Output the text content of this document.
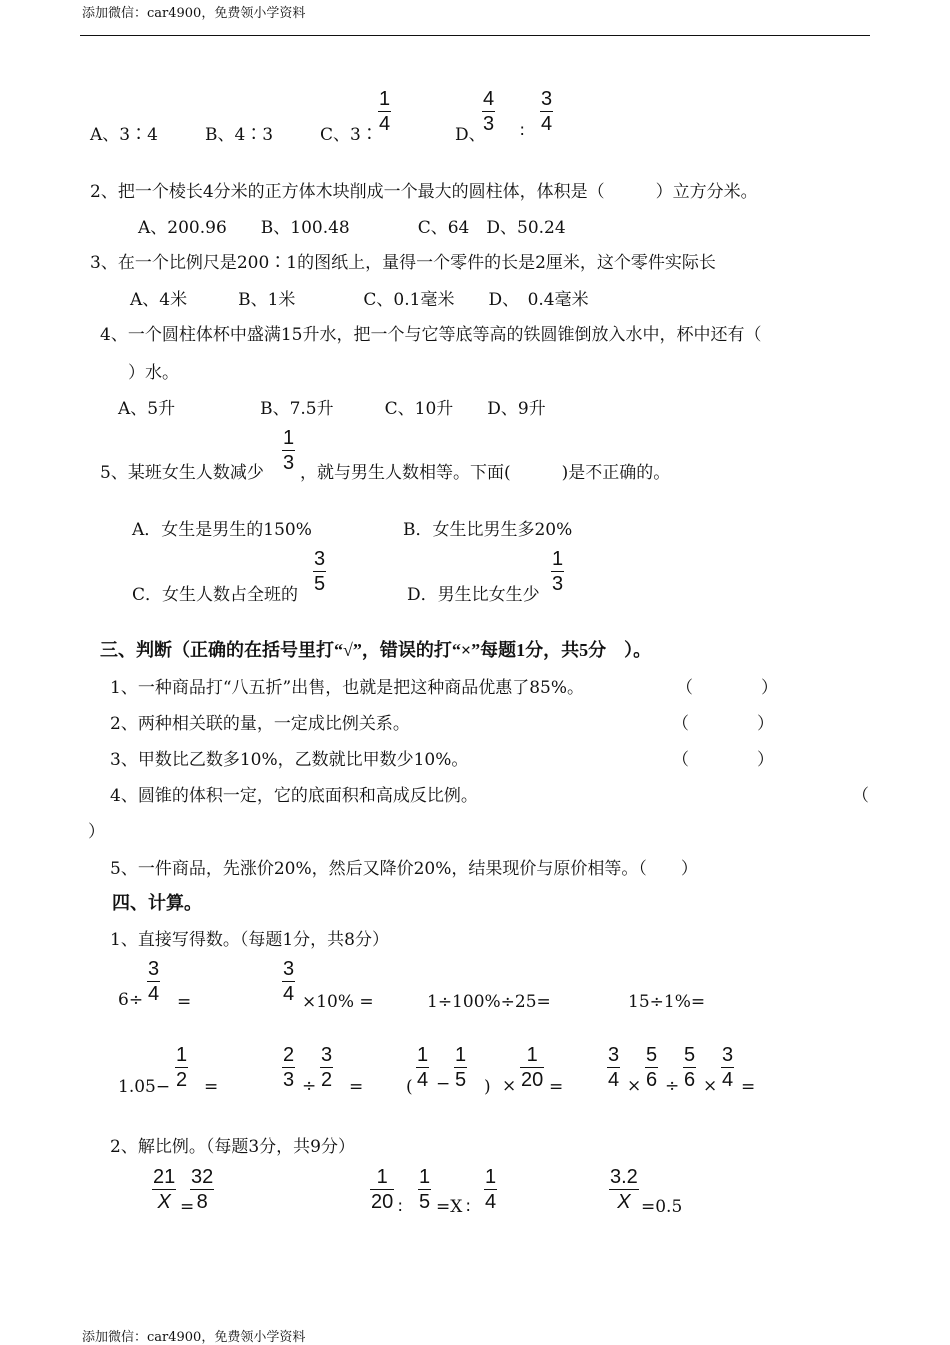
添加微信：car4900，免费领小学资料
添加微信：car4900，免费领小学资料
A、3∶4	B、4∶3	C、3∶
1
4	D、
4
3 ∶
3
4
2、把一个棱长4分米的正方体木块削成一个最大的圆柱体，体积是（　　　）立方分米。
A、200.96　　B、100.48　　　　C、64　D、50.24
3、在一个比例尺是200∶1的图纸上，量得一个零件的长是2厘米，这个零件实际长
A、4米　　　B、1米　　　　C、0.1毫米　　D、　0.4毫米
4、一个圆柱体杯中盛满15升水，把一个与它等底等高的铁圆锥倒放入水中，杯中还有（
）水。
A、5升　　　　　B、7.5升　　　C、10升　　D、9升
5、某班女生人数减少
1
3 ，就与男生人数相等。下面(　　　)是不正确的。
A．女生是男生的150%	B．女生比男生多20%
C．女生人数占全班的
3
5	D．男生比女生少
1
3
三、判断（正确的在括号里打“√”，错误的打“×”每题1分，共5分　）。
1、一种商品打“八五折”出售，也就是把这种商品优惠了85%。	（　　　　）
2、两种相关联的量，一定成比例关系。	（　　　　）
3、甲数比乙数多10%，乙数就比甲数少10%。	（　　　　）
4、圆锥的体积一定，它的底面积和高成反比例。	（
）
5、一件商品，先涨价20%，然后又降价20%，结果现价与原价相等。（　　）
四、计算。
1、直接写得数。（每题1分，共8分）
6÷
3
4 =
3
4 ×10% =	1÷100%÷25=	15÷1%=
1.05−
1
2 =
2
3 ÷
3
2 =	(
1
4 −
1
5 ) ×
1
20 =
3
4 ×
5
6 ÷
5
6 ×
3
4 =
2、解比例。（每题3分，共9分）
21
X =
32
8
1
20 ∶
1
5 =X ∶
1
4
3.2
X =0.5
